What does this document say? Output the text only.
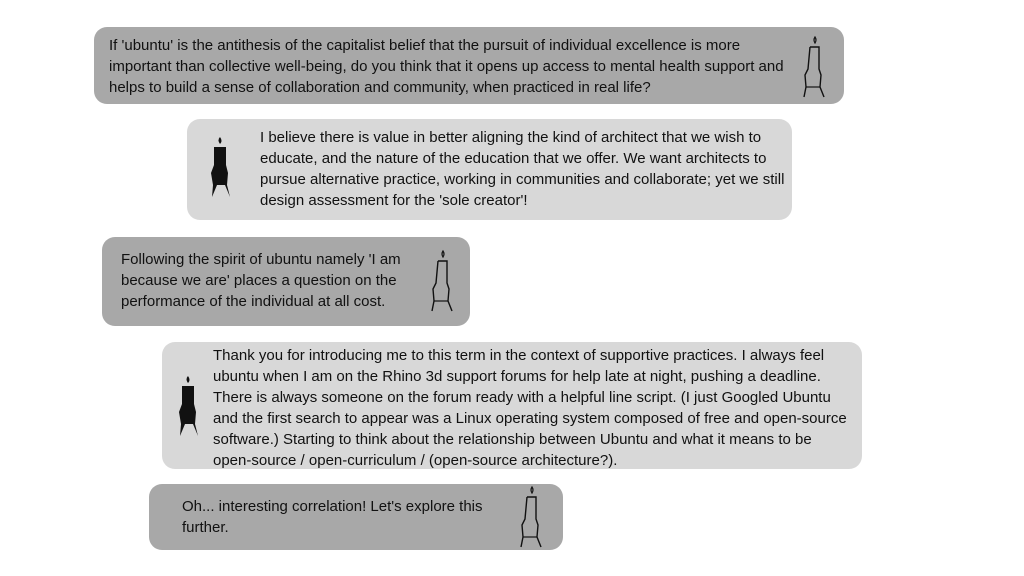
If 'ubuntu' is the antithesis of the capitalist belief that the pursuit of individual excellence is more important than collective well-being, do you think that it opens up access to mental health support and helps to build a sense of collaboration and community, when practiced in real life?

I believe there is value in better aligning the kind of architect that we wish to educate, and the nature of the education that we offer. We want architects to pursue alternative practice, working in communities and collaborate; yet we still design assessment for the 'sole creator'!

Following the spirit of ubuntu namely 'I am because we are' places a question on the performance of the individual at all cost.

Thank you for introducing me to this term in the context of supportive practices. I always feel ubuntu when I am on the Rhino 3d support forums for help late at night, pushing a deadline. There is always someone on the forum ready with a helpful line script. (I just Googled Ubuntu and the first search to appear was a Linux operating system composed of free and open-source software.) Starting to think about the relationship between Ubuntu and what it means to be open-source / open-curriculum / (open-source architecture?).

Oh... interesting correlation! Let's explore this further.
